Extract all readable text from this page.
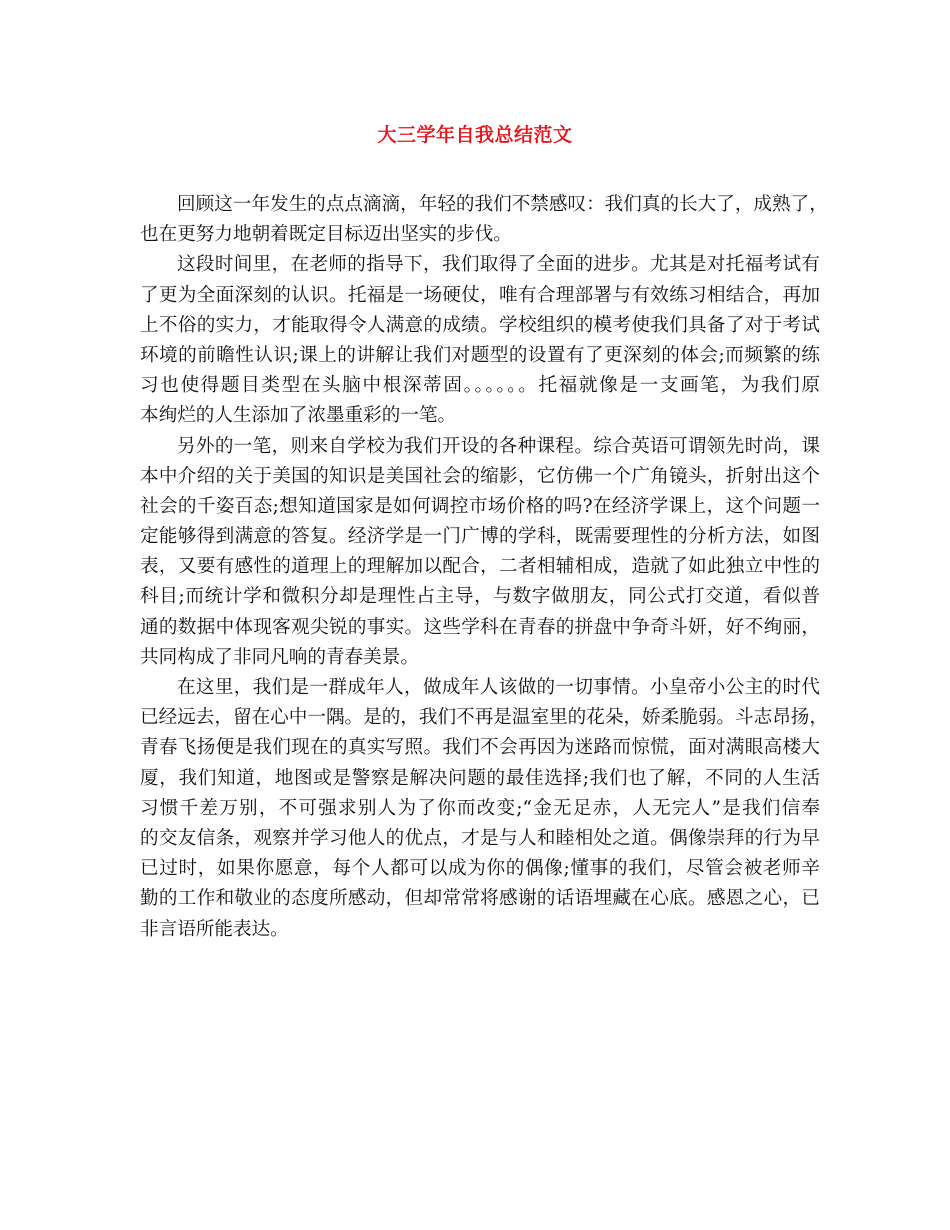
大三学年自我总结范文
回顾这一年发生的点点滴滴，年轻的我们不禁感叹：我们真的长大了，成熟了，
也在更努力地朝着既定目标迈出坚实的步伐。
这段时间里，在老师的指导下，我们取得了全面的进步。尤其是对托福考试有
了更为全面深刻的认识。托福是一场硬仗，唯有合理部署与有效练习相结合，再加
上不俗的实力，才能取得令人满意的成绩。学校组织的模考使我们具备了对于考试
环境的前瞻性认识;课上的讲解让我们对题型的设置有了更深刻的体会;而频繁的练
习也使得题目类型在头脑中根深蒂固。。。。。。托福就像是一支画笔，为我们原
本绚烂的人生添加了浓墨重彩的一笔。
另外的一笔，则来自学校为我们开设的各种课程。综合英语可谓领先时尚，课
本中介绍的关于美国的知识是美国社会的缩影，它仿佛一个广角镜头，折射出这个
社会的千姿百态;想知道国家是如何调控市场价格的吗?在经济学课上，这个问题一
定能够得到满意的答复。经济学是一门广博的学科，既需要理性的分析方法，如图
表，又要有感性的道理上的理解加以配合，二者相辅相成，造就了如此独立中性的
科目;而统计学和微积分却是理性占主导，与数字做朋友，同公式打交道，看似普
通的数据中体现客观尖锐的事实。这些学科在青春的拼盘中争奇斗妍，好不绚丽，
共同构成了非同凡响的青春美景。
在这里，我们是一群成年人，做成年人该做的一切事情。小皇帝小公主的时代
已经远去，留在心中一隅。是的，我们不再是温室里的花朵，娇柔脆弱。斗志昂扬，
青春飞扬便是我们现在的真实写照。我们不会再因为迷路而惊慌，面对满眼高楼大
厦，我们知道，地图或是警察是解决问题的最佳选择;我们也了解，不同的人生活
习惯千差万别，不可强求别人为了你而改变;“金无足赤，人无完人”是我们信奉
的交友信条，观察并学习他人的优点，才是与人和睦相处之道。偶像崇拜的行为早
已过时，如果你愿意，每个人都可以成为你的偶像;懂事的我们，尽管会被老师辛
勤的工作和敬业的态度所感动，但却常常将感谢的话语埋藏在心底。感恩之心，已
非言语所能表达。
